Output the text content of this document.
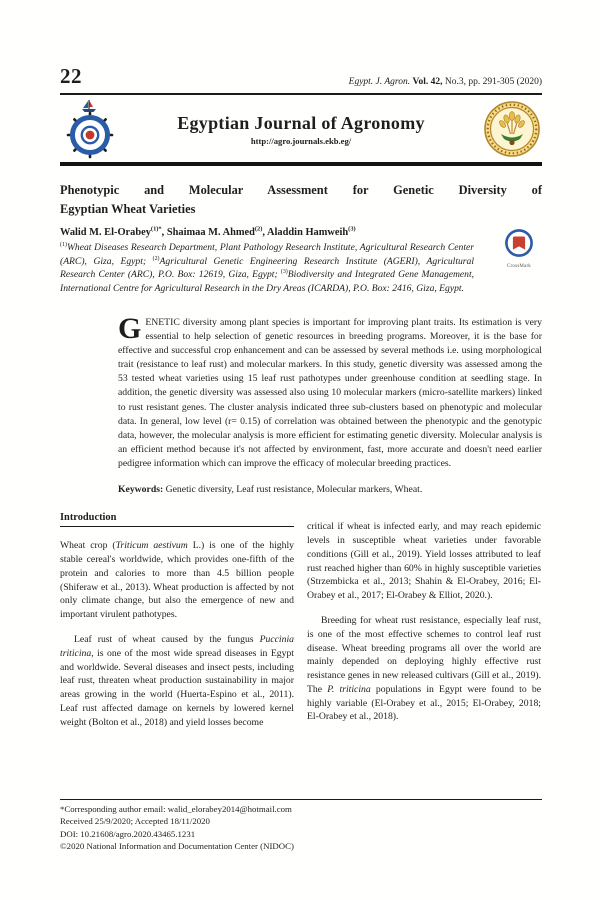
22	Egypt. J. Agron. Vol. 42, No.3, pp. 291-305 (2020)
Egyptian Journal of Agronomy
http://agro.journals.ekb.eg/
Phenotypic and Molecular Assessment for Genetic Diversity of
Egyptian Wheat Varieties
Walid M. El-Orabey$^{(1)*}$, Shaimaa M. Ahmed$^{(2)}$, Aladdin Hamweih$^{(3)}$
$^{(1)}$Wheat Diseases Research Department, Plant Pathology Research Institute, Agricultural Research Center (ARC), Giza, Egypt; $^{(2)}$Agricultural Genetic Engineering Research Institute (AGERI), Agricultural Research Center (ARC), P.O. Box: 12619, Giza, Egypt; $^{(3)}$Biodiversity and Integrated Gene Management, International Centre for Agricultural Research in the Dry Areas (ICARDA), P.O. Box: 2416, Giza, Egypt.
GENETIC diversity among plant species is important for improving plant traits. Its estimation is very essential to help selection of genetic resources in breeding programs. Moreover, it is the base for effective and successful crop enhancement and can be assessed by several methods i.e. using morphological trait (resistance to leaf rust) and molecular markers. In this study, genetic diversity was assessed among the 53 tested wheat varieties using 15 leaf rust pathotypes under greenhouse condition at seedling stage. In addition, the genetic diversity was assessed also using 10 molecular markers (micro-satellite markers) linked to rust resistant genes. The cluster analysis indicated three sub-clusters based on phenotypic and molecular data. In general, low level (r= 0.15) of correlation was obtained between the phenotypic and the genotypic data, however, the molecular analysis is more efficient for estimating genetic diversity. Molecular analysis is an efficient method because it's not affected by environment, fast, more accurate and doesn't need earlier pedigree information which can improve the efficacy of molecular breeding practices.
Keywords: Genetic diversity, Leaf rust resistance, Molecular markers, Wheat.
Introduction

Wheat crop (Triticum aestivum L.) is one of the highly stable cereal's worldwide, which provides one-fifth of the protein and calories to more than 4.5 billion people (Shiferaw et al., 2013). Wheat production is affected by not only climate change, but also the emergence of new and important virulent pathotypes.

Leaf rust of wheat caused by the fungus Puccinia triticina, is one of the most wide spread diseases in Egypt and worldwide. Several diseases and insect pests, including leaf rust, threaten wheat production sustainability in major areas growing in the world (Huerta-Espino et al., 2011). Leaf rust affected damage on kernels by lowered kernel weight (Bolton et al., 2018) and yield losses become

critical if wheat is infected early, and may reach epidemic levels in susceptible wheat varieties under favorable conditions (Gill et al., 2019). Yield losses attributed to leaf rust reached higher than 60% in highly susceptible varieties (Strzembicka et al., 2013; Shahin & El-Orabey, 2016; El-Orabey et al., 2017; El-Orabey & Elliot, 2020.).

Breeding for wheat rust resistance, especially leaf rust, is one of the most effective schemes to control leaf rust disease. Wheat breeding programs all over the world are mainly depended on deploying highly effective rust resistance genes in new released cultivars (Gill et al., 2019). The P. triticina populations in Egypt were found to be highly variable (El-Orabey et al., 2015; El-Orabey, 2018; El-Orabey et al., 2018).

CrossMark
*Corresponding author email: walid_elorabey2014@hotmail.com
Received 25/9/2020; Accepted 18/11/2020
DOI: 10.21608/agro.2020.43465.1231
©2020 National Information and Documentation Center (NIDOC)
